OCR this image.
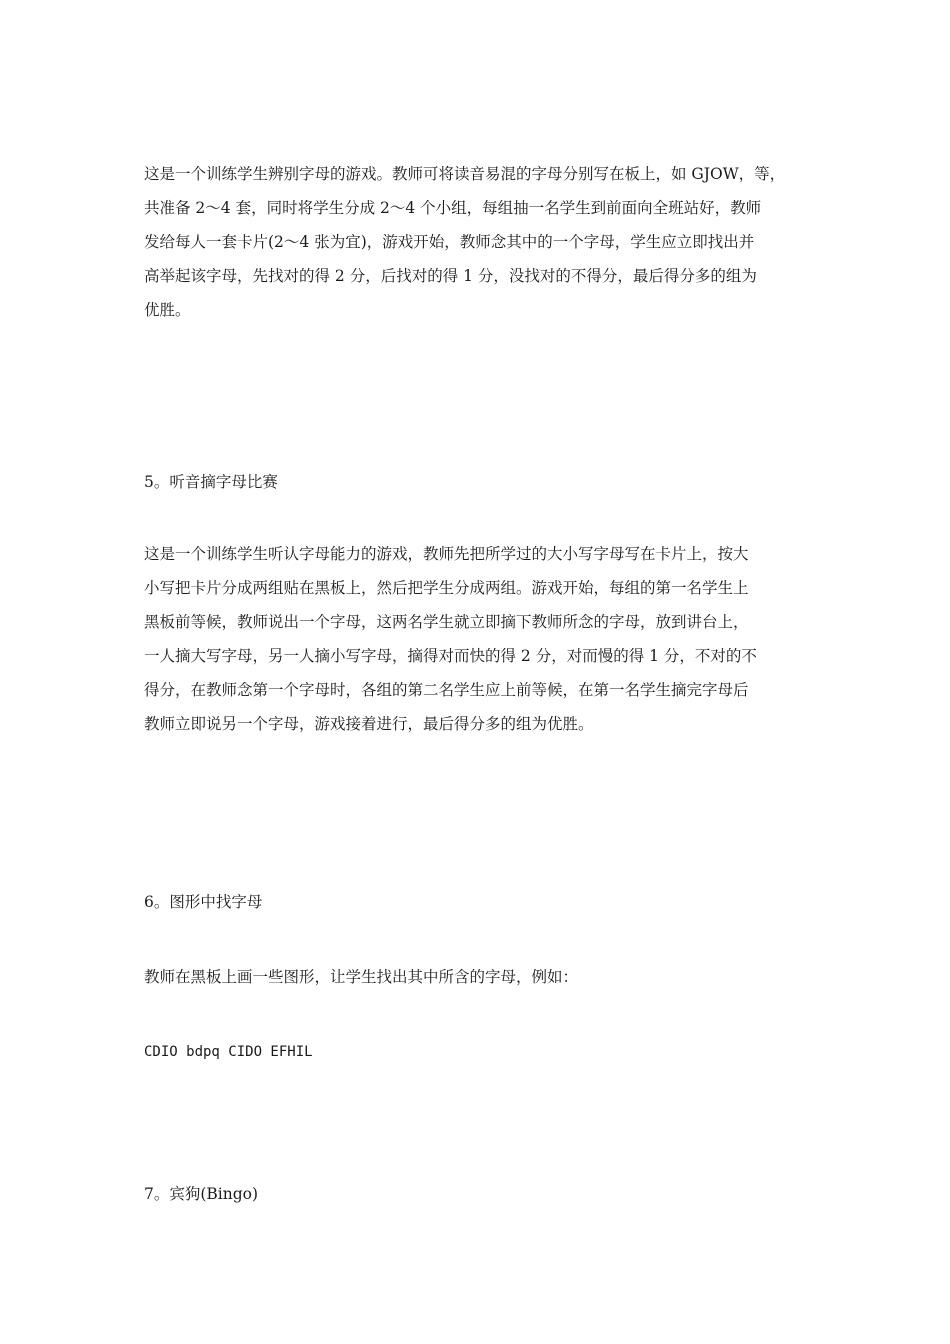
这是一个训练学生辨别字母的游戏。教师可将读音易混的字母分别写在板上，如 GJOW，等，
共准备 2～4 套，同时将学生分成 2～4 个小组，每组抽一名学生到前面向全班站好，教师
发给每人一套卡片(2～4 张为宜)，游戏开始，教师念其中的一个字母，学生应立即找出并
高举起该字母，先找对的得 2 分，后找对的得 1 分，没找对的不得分，最后得分多的组为
优胜。

5。听音摘字母比赛

这是一个训练学生听认字母能力的游戏，教师先把所学过的大小写字母写在卡片上，按大
小写把卡片分成两组贴在黑板上，然后把学生分成两组。游戏开始，每组的第一名学生上
黑板前等候，教师说出一个字母，这两名学生就立即摘下教师所念的字母，放到讲台上，
一人摘大写字母，另一人摘小写字母，摘得对而快的得 2 分，对而慢的得 1 分，不对的不
得分，在教师念第一个字母时，各组的第二名学生应上前等候，在第一名学生摘完字母后
教师立即说另一个字母，游戏接着进行，最后得分多的组为优胜。

6。图形中找字母

教师在黑板上画一些图形，让学生找出其中所含的字母，例如：

CDIO bdpq CIDO EFHIL

7。宾狗(Bingo)
